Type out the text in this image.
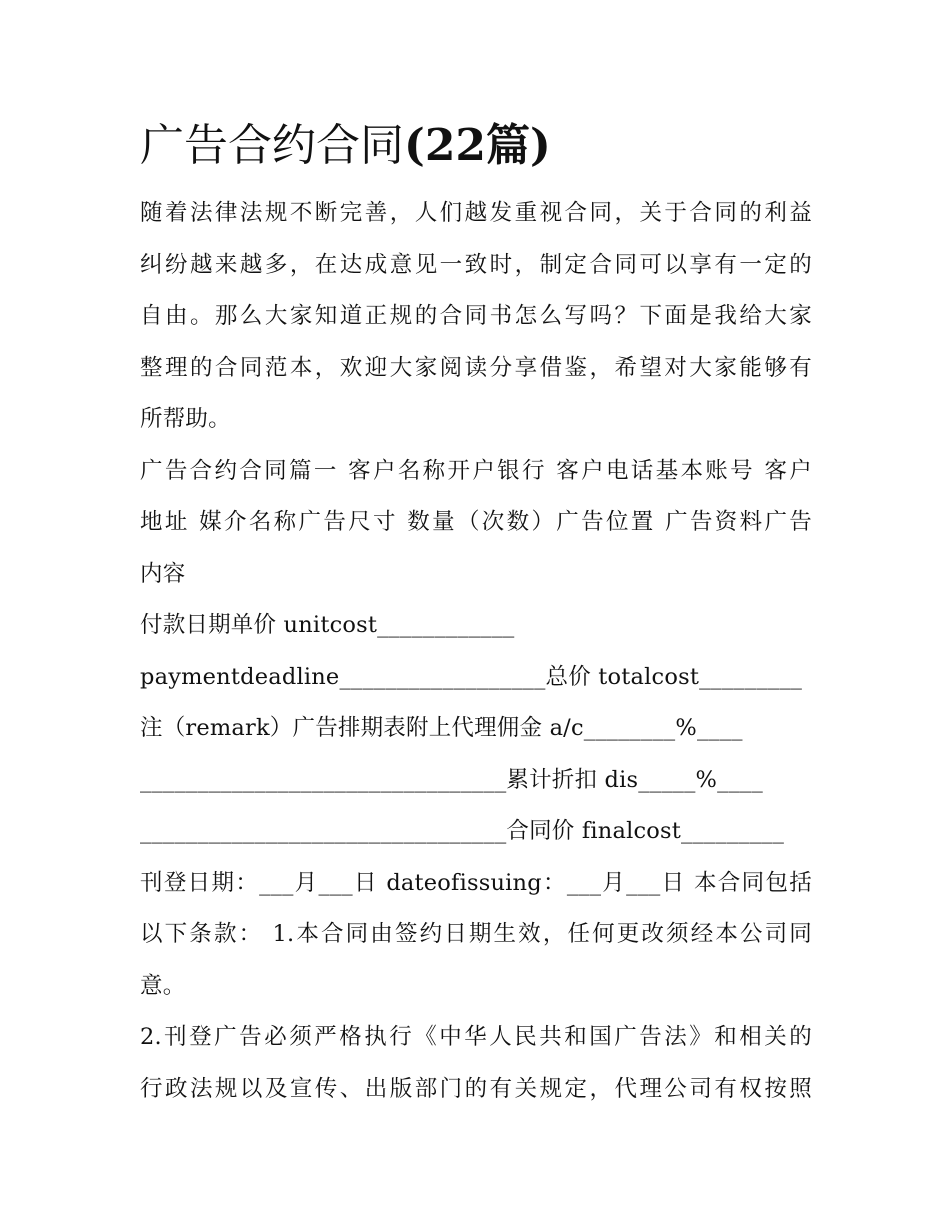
广告合约合同(22篇)
随着法律法规不断完善，人们越发重视合同，关于合同的利益
纠纷越来越多，在达成意见一致时，制定合同可以享有一定的
自由。那么大家知道正规的合同书怎么写吗？下面是我给大家
整理的合同范本，欢迎大家阅读分享借鉴，希望对大家能够有
所帮助。
广告合约合同篇一 客户名称开户银行 客户电话基本账号 客户
地址 媒介名称广告尺寸 数量（次数）广告位置 广告资料广告
内容
付款日期单价 unitcost____________
paymentdeadline__________________总价 totalcost_________
注（remark）广告排期表附上代理佣金 a/c________%____
________________________________累计折扣 dis_____%____
________________________________合同价 finalcost_________
刊登日期：___月___日 dateofissuing：___月___日 本合同包括
以下条款： 1.本合同由签约日期生效，任何更改须经本公司同
意。
2.刊登广告必须严格执行《中华人民共和国广告法》和相关的
行政法规以及宣传、出版部门的有关规定，代理公司有权按照
